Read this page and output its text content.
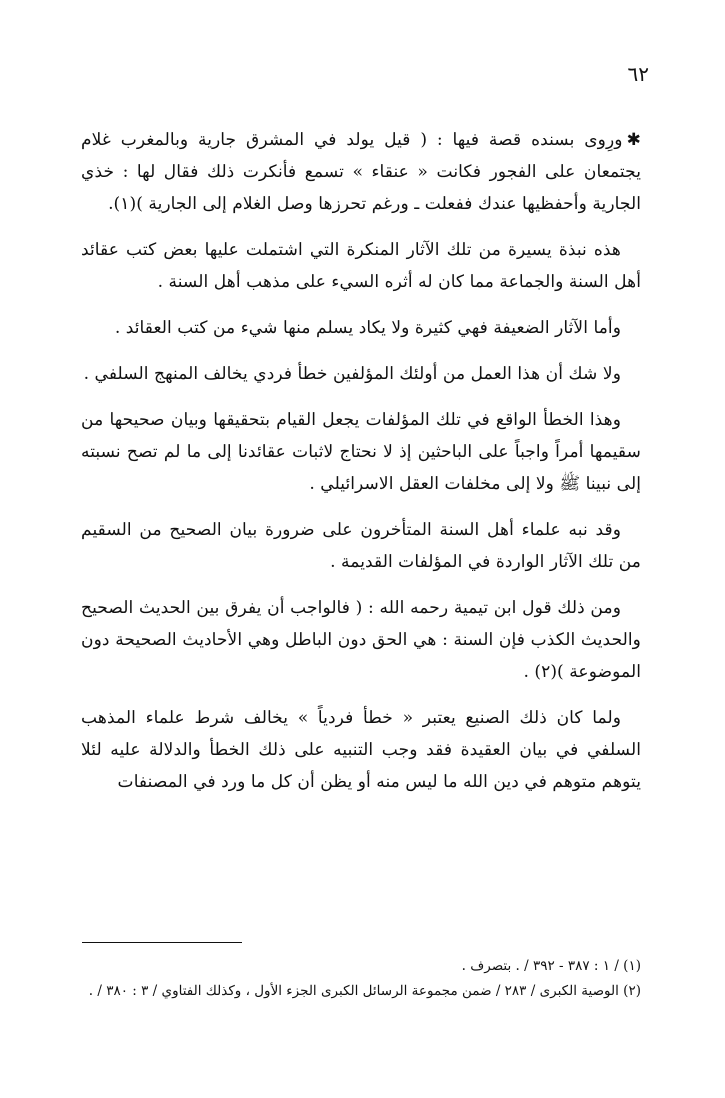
٦٢

✱ورِوى بسنده قصة فيها : ( قيل يولد في المشرق جارية وبالمغرب غلام يجتمعان على الفجور فكانت « عنقاء » تسمع فأنكرت ذلك فقال لها : خذي الجارية وأحفظيها عندك ففعلت ـ ورغم تحرزها وصل الغلام إلى الجارية )(١).

هذه نبذة يسيرة من تلك الآثار المنكرة التي اشتملت عليها بعض كتب عقائد أهل السنة والجماعة مما كان له أثره السيء على مذهب أهل السنة .

وأما الآثار الضعيفة فهي كثيرة ولا يكاد يسلم منها شيء من كتب العقائد .

ولا شك أن هذا العمل من أولئك المؤلفين خطأ فردي يخالف المنهج السلفي .

وهذا الخطأ الواقع في تلك المؤلفات يجعل القيام بتحقيقها وبيان صحيحها من سقيمها أمراً واجباً على الباحثين إذ لا نحتاج لاثبات عقائدنا إلى ما لم تصح نسبته إلى نبينا ﷺ ولا إلى مخلفات العقل الاسرائيلي .

وقد نبه علماء أهل السنة المتأخرون على ضرورة بيان الصحيح من السقيم من تلك الآثار الواردة في المؤلفات القديمة .

ومن ذلك قول ابن تيمية رحمه الله : ( فالواجب أن يفرق بين الحديث الصحيح والحديث الكذب فإن السنة : هي الحق دون الباطل وهي الأحاديث الصحيحة دون الموضوعة )(٢) .

ولما كان ذلك الصنيع يعتبر « خطأ فردياً » يخالف شرط علماء المذهب السلفي في بيان العقيدة فقد وجب التنبيه على ذلك الخطأ والدلالة عليه لئلا يتوهم متوهم في دين الله ما ليس منه أو يظن أن كل ما ورد في المصنفات

(١) / ١ : ٣٨٧ - ٣٩٢ / . بتصرف .

(٢) الوصية الكبرى / ٢٨٣ / ضمن مجموعة الرسائل الكبرى الجزء الأول ، وكذلك الفتاوي / ٣ : ٣٨٠ / .
